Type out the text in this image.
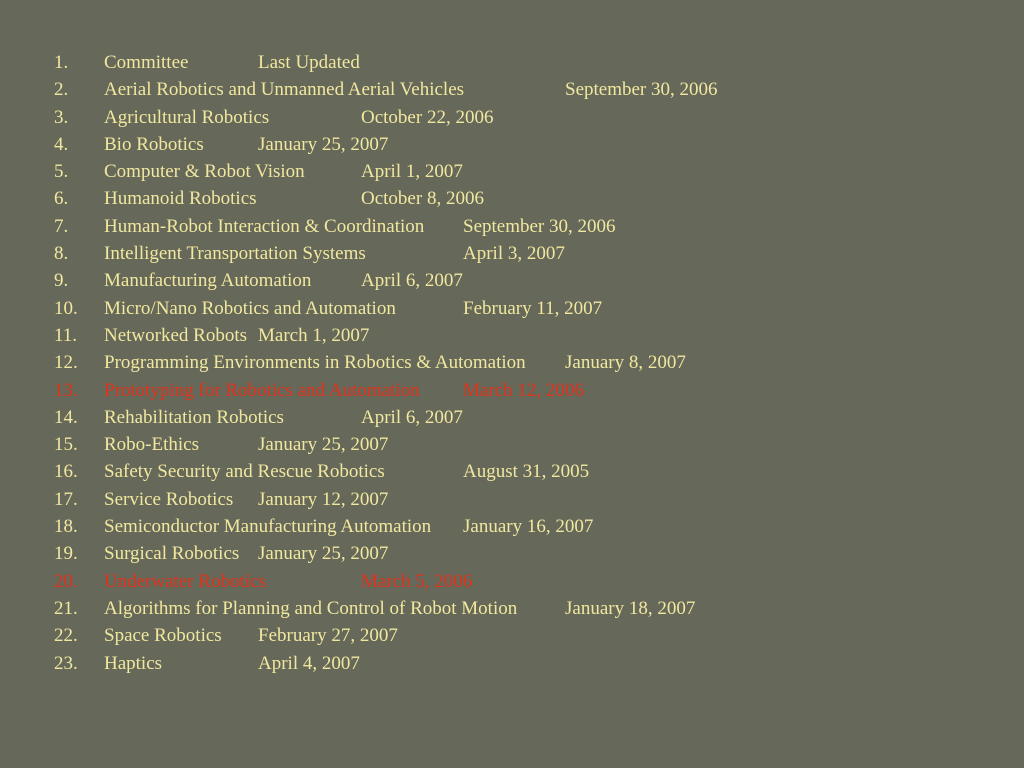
1. Committee	Last Updated
2. Aerial Robotics and Unmanned Aerial Vehicles	September 30, 2006
3. Agricultural Robotics	October 22, 2006
4. Bio Robotics	January 25, 2007
5. Computer & Robot Vision	April 1, 2007
6. Humanoid Robotics	October 8, 2006
7. Human-Robot Interaction & Coordination September 30, 2006
8. Intelligent Transportation Systems	April 3, 2007
9. Manufacturing Automation	April 6, 2007
10. Micro/Nano Robotics and Automation	February 11, 2007
11. Networked Robots March 1, 2007
12. Programming Environments in Robotics & Automation January 8, 2007
13. Prototyping for Robotics and Automation March 12, 2006
14. Rehabilitation Robotics	April 6, 2007
15. Robo-Ethics	January 25, 2007
16. Safety Security and Rescue Robotics	August 31, 2005
17. Service Robotics January 12, 2007
18. Semiconductor Manufacturing Automation January 16, 2007
19. Surgical Robotics January 25, 2007
20. Underwater Robotics	March 5, 2006
21. Algorithms for Planning and Control of Robot Motion	January 18, 2007
22. Space Robotics February 27, 2007
23. Haptics	April 4, 2007
